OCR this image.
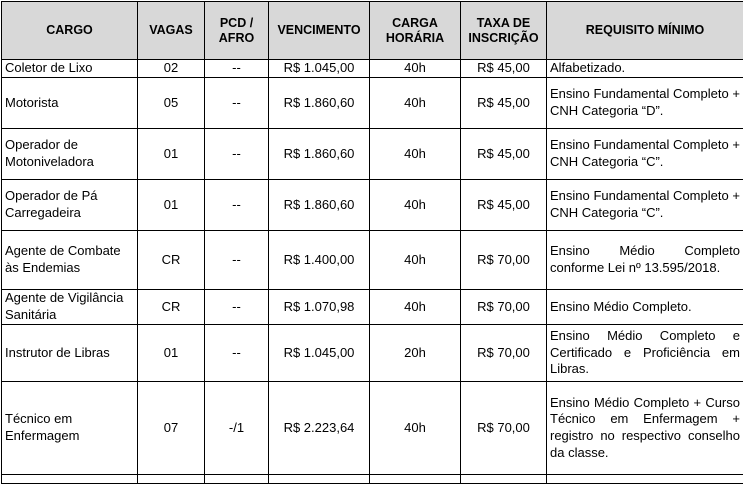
CARGO	VAGAS	PCD / AFRO	VENCIMENTO	CARGA HORÁRIA	TAXA DE INSCRIÇÃO	REQUISITO MÍNIMO
Coletor de Lixo	02	--	R$ 1.045,00	40h	R$ 45,00	Alfabetizado.
Motorista	05	--	R$ 1.860,60	40h	R$ 45,00	Ensino Fundamental Completo + CNH Categoria “D”.
Operador de Motoniveladora	01	--	R$ 1.860,60	40h	R$ 45,00	Ensino Fundamental Completo + CNH Categoria “C”.
Operador de Pá Carregadeira	01	--	R$ 1.860,60	40h	R$ 45,00	Ensino Fundamental Completo + CNH Categoria “C”.
Agente de Combate às Endemias	CR	--	R$ 1.400,00	40h	R$ 70,00	Ensino Médio Completo conforme Lei nº 13.595/2018.
Agente de Vigilância Sanitária	CR	--	R$ 1.070,98	40h	R$ 70,00	Ensino Médio Completo.
Instrutor de Libras	01	--	R$ 1.045,00	20h	R$ 70,00	Ensino Médio Completo e Certificado e Proficiência em Libras.
Técnico em Enfermagem	07	-/1	R$ 2.223,64	40h	R$ 70,00	Ensino Médio Completo + Curso Técnico em Enfermagem + registro no respectivo conselho da classe.
